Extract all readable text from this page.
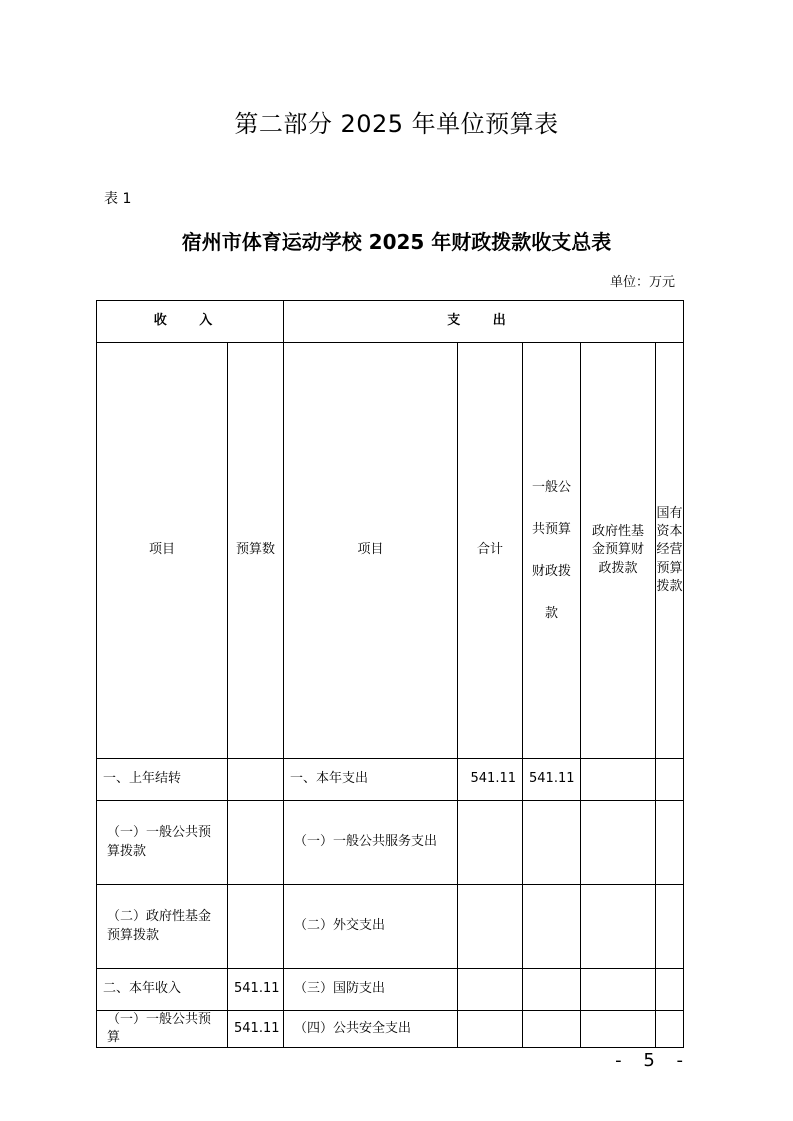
第二部分 2025 年单位预算表
表 1
宿州市体育运动学校 2025 年财政拨款收支总表
单位：万元
收 入		支 出				
项目	预算数	项目	合计	一般公共预算财政拨款	政府性基金预算财政拨款	国有资本经营预算拨款
一、上年结转		一、本年支出	541.11	541.11		
（一）一般公共预算拨款		（一）一般公共服务支出				
（二）政府性基金预算拨款		（二）外交支出				
二、本年收入	541.11	（三）国防支出				
（一）一般公共预算	541.11	（四）公共安全支出				
- 5 -
